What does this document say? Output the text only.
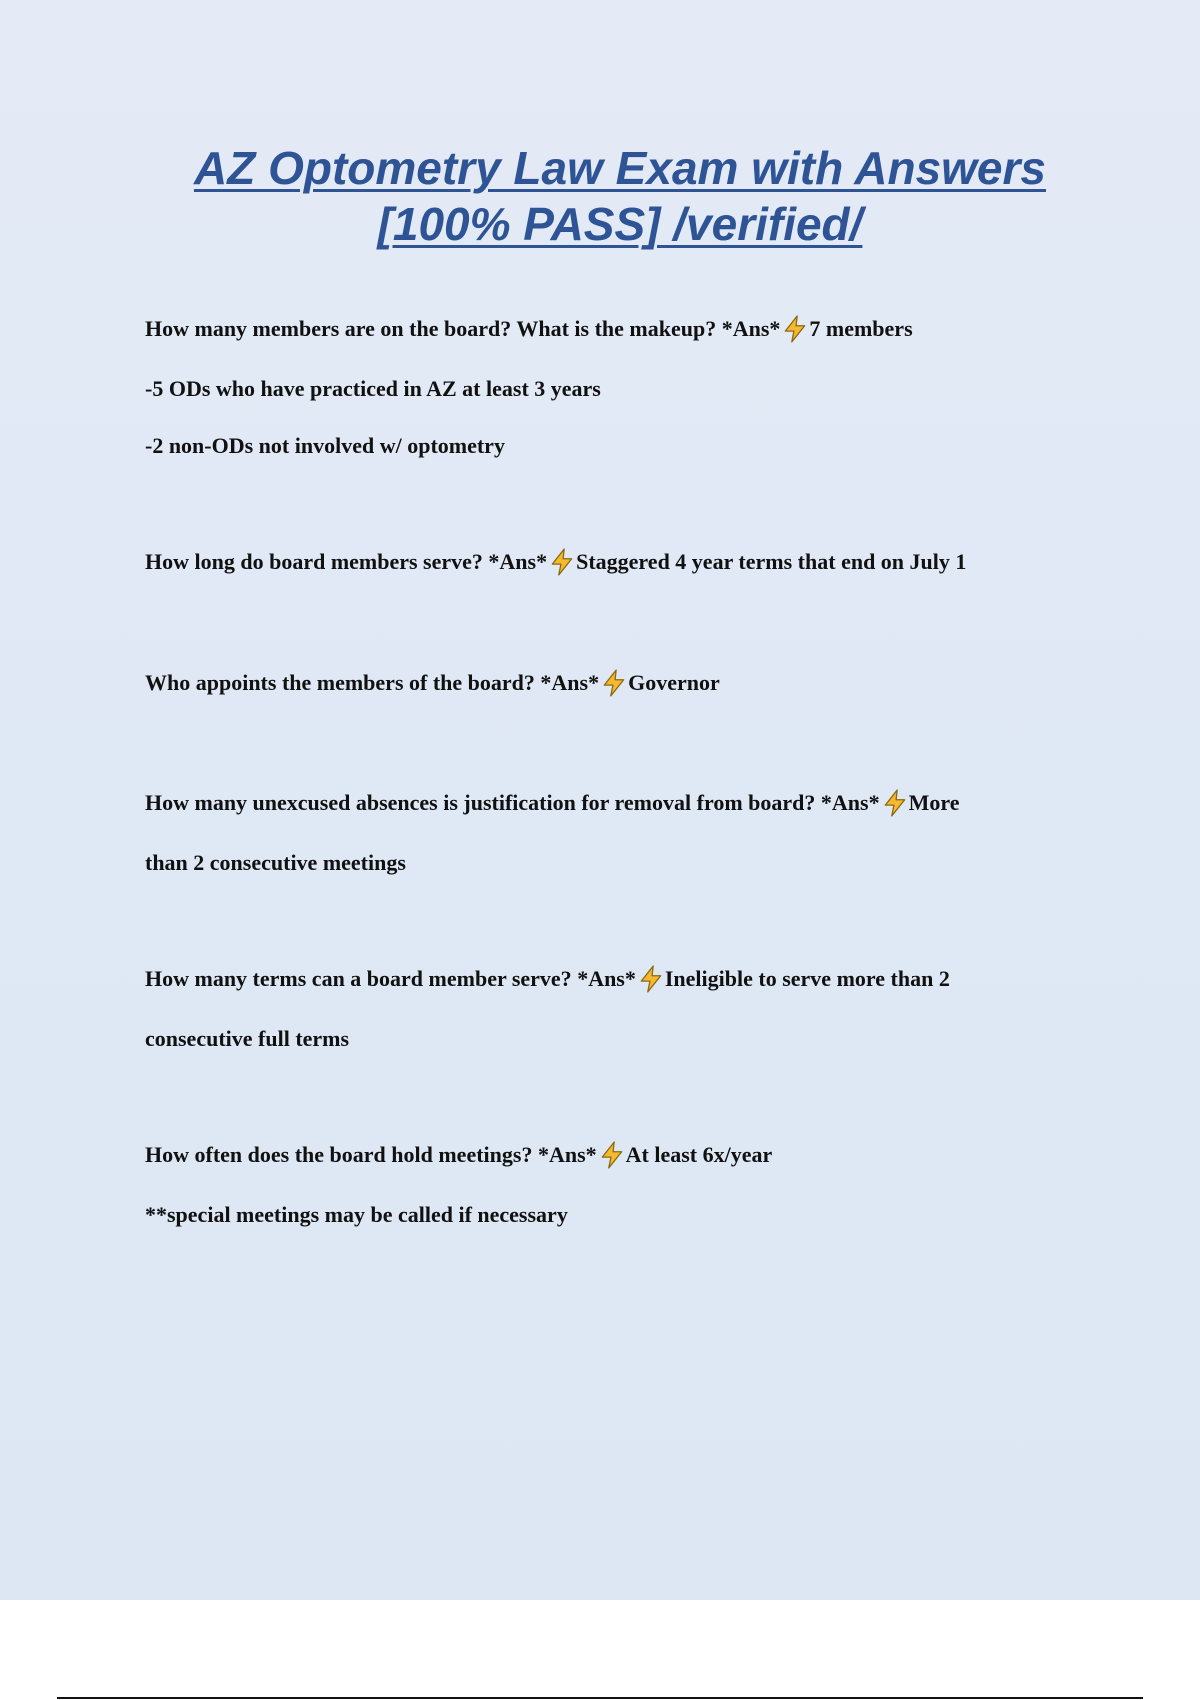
AZ Optometry Law Exam with Answers
[100% PASS] /verified/
How many members are on the board? What is the makeup? *Ans* 7 members
-5 ODs who have practiced in AZ at least 3 years
-2 non-ODs not involved w/ optometry
How long do board members serve? *Ans* Staggered 4 year terms that end on July 1
Who appoints the members of the board? *Ans* Governor
How many unexcused absences is justification for removal from board? *Ans* More
than 2 consecutive meetings
How many terms can a board member serve? *Ans* Ineligible to serve more than 2
consecutive full terms
How often does the board hold meetings? *Ans* At least 6x/year
**special meetings may be called if necessary
